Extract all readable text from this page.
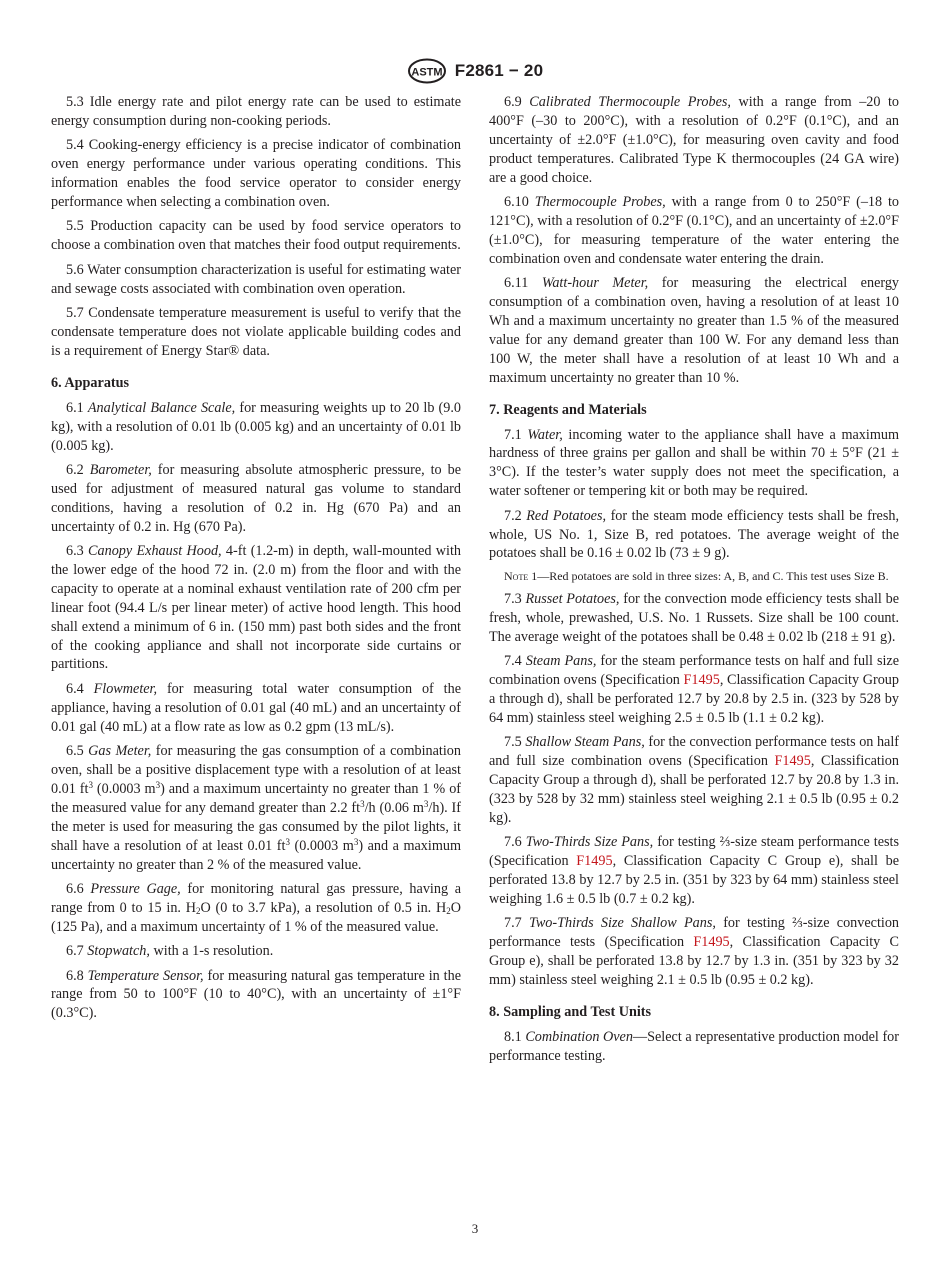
ASTM F2861 − 20

5.3 Idle energy rate and pilot energy rate can be used to estimate energy consumption during non-cooking periods.

5.4 Cooking-energy efficiency is a precise indicator of combination oven energy performance under various operating conditions. This information enables the food service operator to consider energy performance when selecting a combination oven.

5.5 Production capacity can be used by food service operators to choose a combination oven that matches their food output requirements.

5.6 Water consumption characterization is useful for estimating water and sewage costs associated with combination oven operation.

5.7 Condensate temperature measurement is useful to verify that the condensate temperature does not violate applicable building codes and is a requirement of Energy Star® data.

6. Apparatus

6.1 Analytical Balance Scale, for measuring weights up to 20 lb (9.0 kg), with a resolution of 0.01 lb (0.005 kg) and an uncertainty of 0.01 lb (0.005 kg).

6.2 Barometer, for measuring absolute atmospheric pressure, to be used for adjustment of measured natural gas volume to standard conditions, having a resolution of 0.2 in. Hg (670 Pa) and an uncertainty of 0.2 in. Hg (670 Pa).

6.3 Canopy Exhaust Hood, 4-ft (1.2-m) in depth, wall-mounted with the lower edge of the hood 72 in. (2.0 m) from the floor and with the capacity to operate at a nominal exhaust ventilation rate of 200 cfm per linear foot (94.4 L/s per linear meter) of active hood length. This hood shall extend a minimum of 6 in. (150 mm) past both sides and the front of the cooking appliance and shall not incorporate side curtains or partitions.

6.4 Flowmeter, for measuring total water consumption of the appliance, having a resolution of 0.01 gal (40 mL) and an uncertainty of 0.01 gal (40 mL) at a flow rate as low as 0.2 gpm (13 mL/s).

6.5 Gas Meter, for measuring the gas consumption of a combination oven, shall be a positive displacement type with a resolution of at least 0.01 $ft^3$ (0.0003 $m^3$) and a maximum uncertainty no greater than 1 % of the measured value for any demand greater than 2.2 $ft^3/h$ (0.06 $m^3/h$). If the meter is used for measuring the gas consumed by the pilot lights, it shall have a resolution of at least 0.01 $ft^3$ (0.0003 $m^3$) and a maximum uncertainty no greater than 2 % of the measured value.

6.6 Pressure Gage, for monitoring natural gas pressure, having a range from 0 to 15 in. $H_2O$ (0 to 3.7 kPa), a resolution of 0.5 in. $H_2O$ (125 Pa), and a maximum uncertainty of 1 % of the measured value.

6.7 Stopwatch, with a 1-s resolution.

6.8 Temperature Sensor, for measuring natural gas temperature in the range from 50 to 100°F (10 to 40°C), with an uncertainty of ±1°F (0.3°C).

6.9 Calibrated Thermocouple Probes, with a range from –20 to 400°F (–30 to 200°C), with a resolution of 0.2°F (0.1°C), and an uncertainty of ±2.0°F (±1.0°C), for measuring oven cavity and food product temperatures. Calibrated Type K thermocouples (24 GA wire) are a good choice.

6.10 Thermocouple Probes, with a range from 0 to 250°F (–18 to 121°C), with a resolution of 0.2°F (0.1°C), and an uncertainty of ±2.0°F (±1.0°C), for measuring temperature of the water entering the combination oven and condensate water entering the drain.

6.11 Watt-hour Meter, for measuring the electrical energy consumption of a combination oven, having a resolution of at least 10 Wh and a maximum uncertainty no greater than 1.5 % of the measured value for any demand greater than 100 W. For any demand less than 100 W, the meter shall have a resolution of at least 10 Wh and a maximum uncertainty no greater than 10 %.

7. Reagents and Materials

7.1 Water, incoming water to the appliance shall have a maximum hardness of three grains per gallon and shall be within 70 ± 5°F (21 ± 3°C). If the tester’s water supply does not meet the specification, a water softener or tempering kit or both may be required.

7.2 Red Potatoes, for the steam mode efficiency tests shall be fresh, whole, US No. 1, Size B, red potatoes. The average weight of the potatoes shall be 0.16 ± 0.02 lb (73 ± 9 g).

Note 1—Red potatoes are sold in three sizes: A, B, and C. This test uses Size B.

7.3 Russet Potatoes, for the convection mode efficiency tests shall be fresh, whole, prewashed, U.S. No. 1 Russets. Size shall be 100 count. The average weight of the potatoes shall be 0.48 ± 0.02 lb (218 ± 91 g).

7.4 Steam Pans, for the steam performance tests on half and full size combination ovens (Specification F1495, Classification Capacity Group a through d), shall be perforated 12.7 by 20.8 by 2.5 in. (323 by 528 by 64 mm) stainless steel weighing 2.5 ± 0.5 lb (1.1 ± 0.2 kg).

7.5 Shallow Steam Pans, for the convection performance tests on half and full size combination ovens (Specification F1495, Classification Capacity Group a through d), shall be perforated 12.7 by 20.8 by 1.3 in. (323 by 528 by 32 mm) stainless steel weighing 2.1 ± 0.5 lb (0.95 ± 0.2 kg).

7.6 Two-Thirds Size Pans, for testing ⅔-size steam performance tests (Specification F1495, Classification Capacity C Group e), shall be perforated 13.8 by 12.7 by 2.5 in. (351 by 323 by 64 mm) stainless steel weighing 1.6 ± 0.5 lb (0.7 ± 0.2 kg).

7.7 Two-Thirds Size Shallow Pans, for testing ⅔-size convection performance tests (Specification F1495, Classification Capacity C Group e), shall be perforated 13.8 by 12.7 by 1.3 in. (351 by 323 by 32 mm) stainless steel weighing 2.1 ± 0.5 lb (0.95 ± 0.2 kg).

8. Sampling and Test Units

8.1 Combination Oven—Select a representative production model for performance testing.

3
